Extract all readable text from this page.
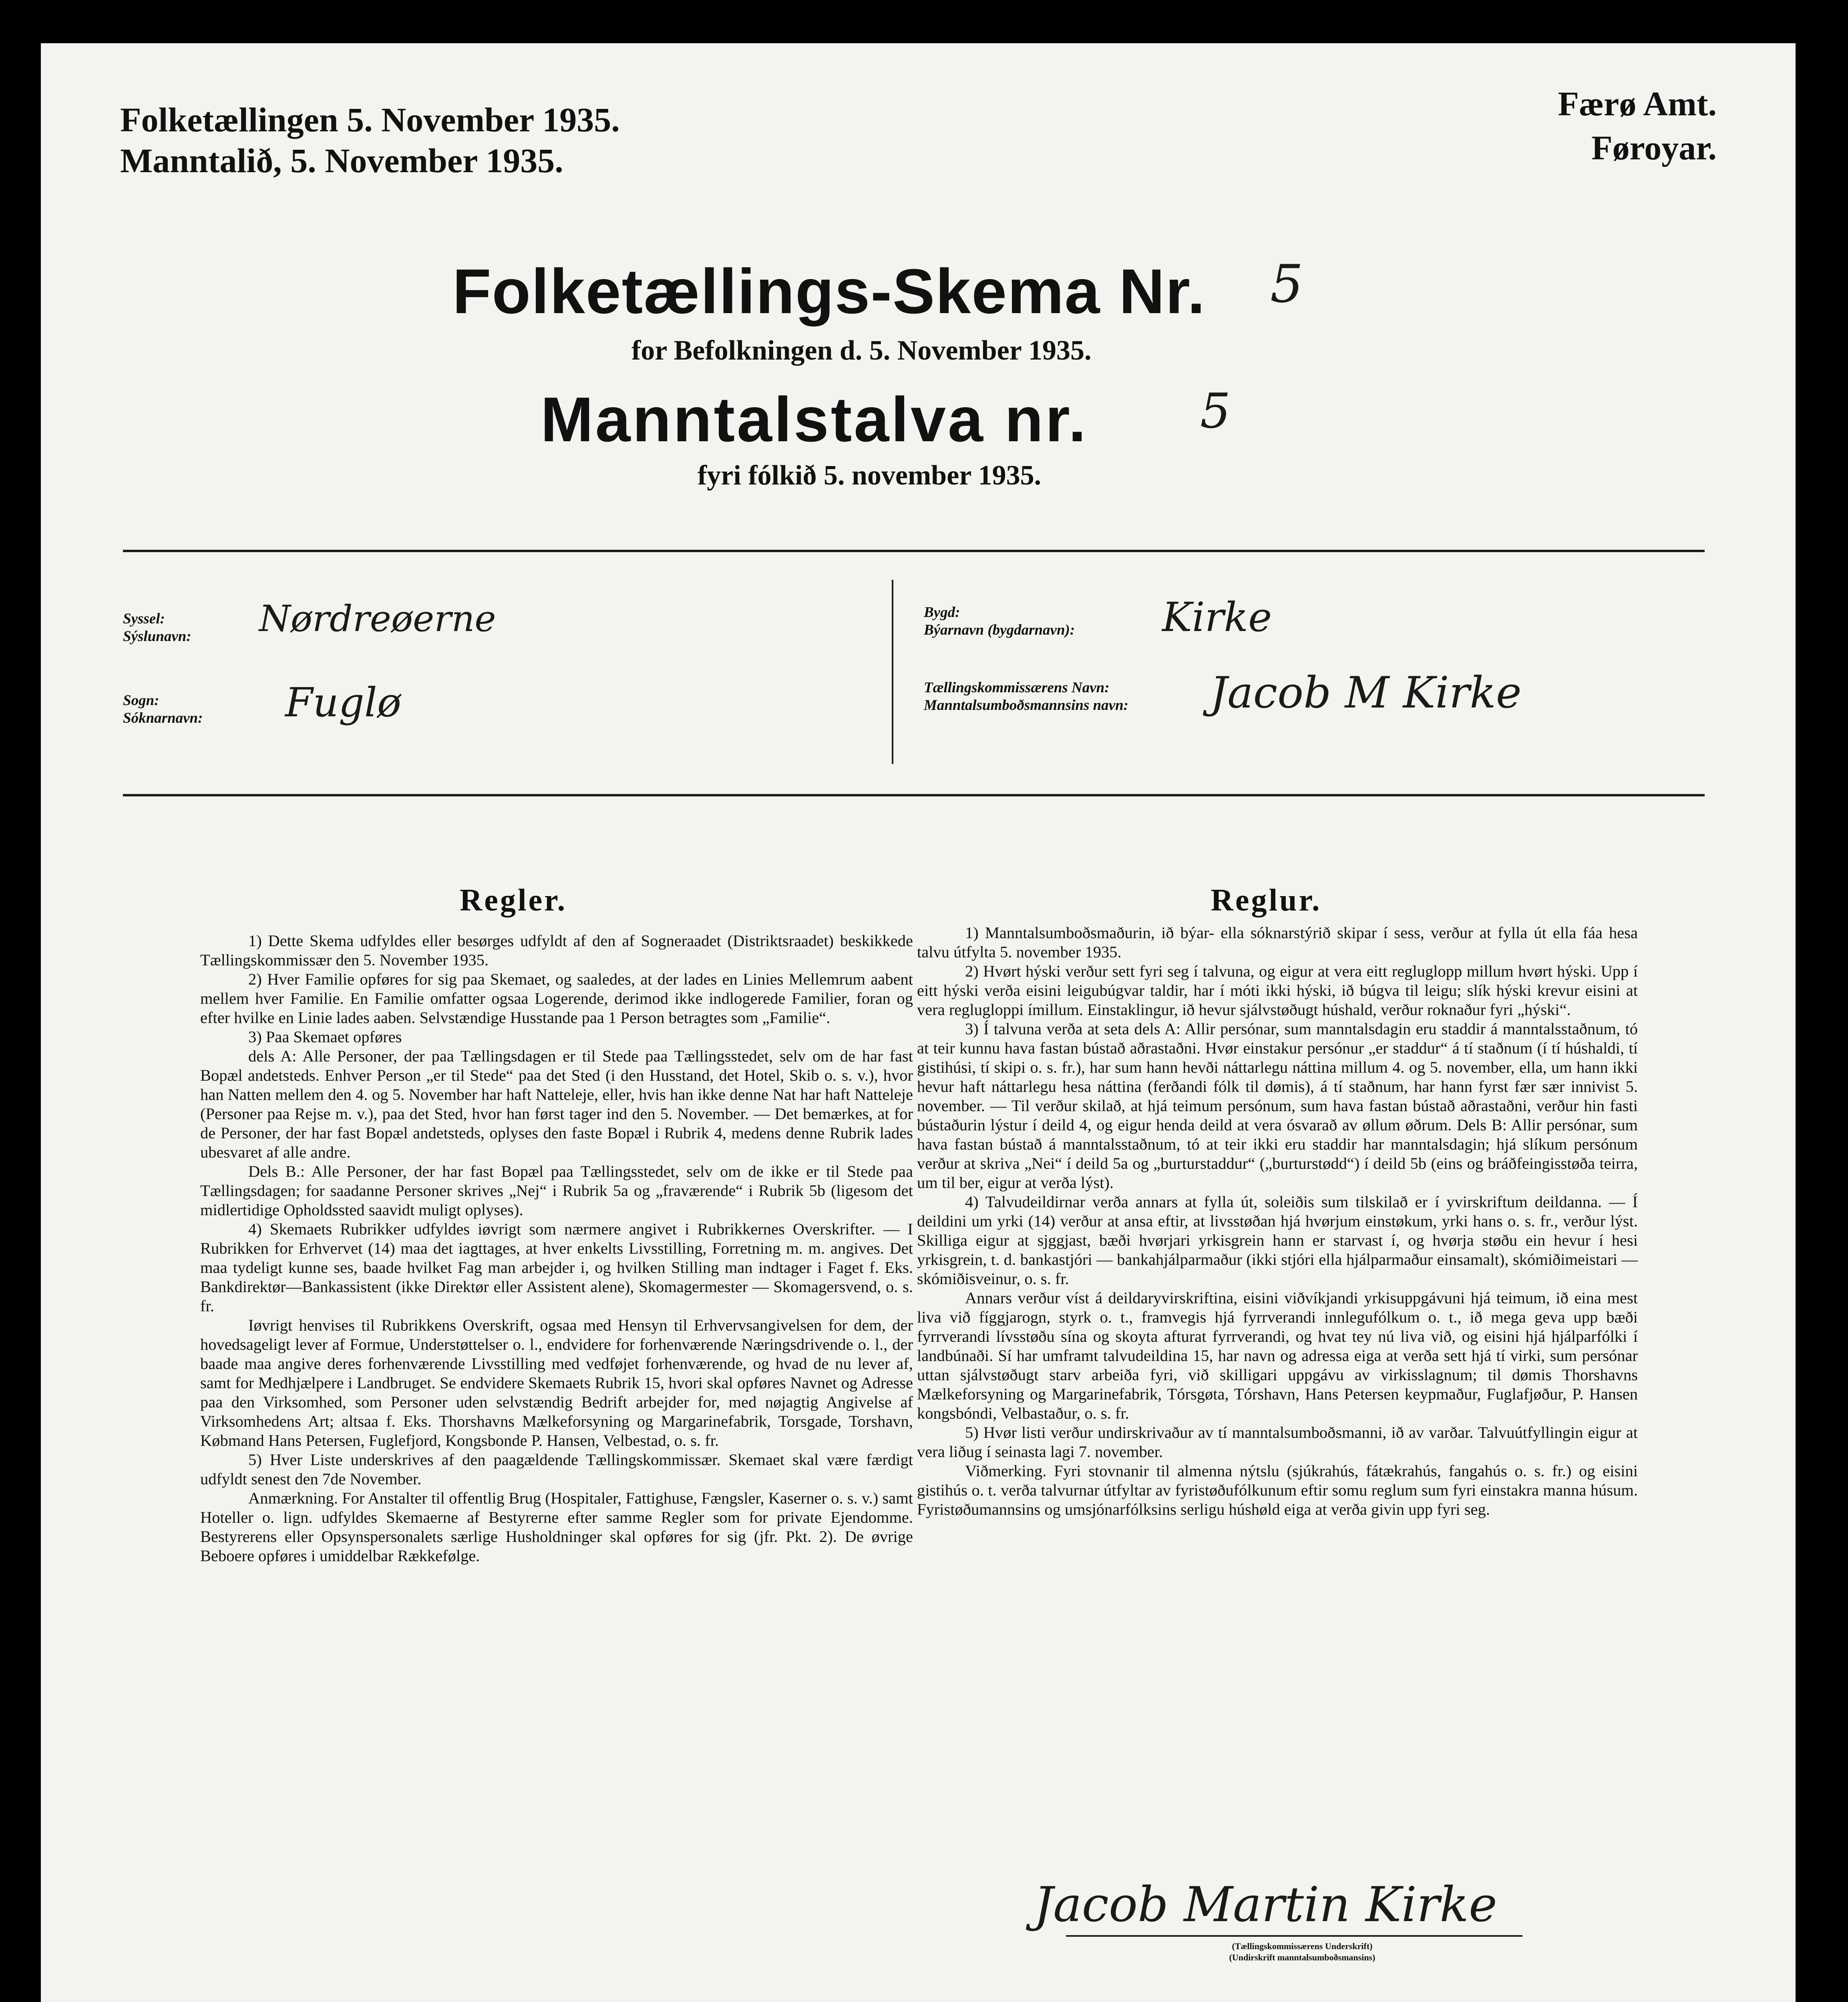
Folketællingen 5. November 1935.
Manntalið, 5. November 1935.
Færø Amt.
Føroyar.
Folketællings-Skema Nr. 5
for Befolkningen d. 5. November 1935.
Manntalstalva nr. 5
fyri fólkið 5. november 1935.
Syssel:
Sýslunavn: Nørdreøerne
Sogn:
Sóknarnavn: Fuglø
Bygd:
Býarnavn (bygdarnavn): Kirke
Tællingskommissærens Navn:
Manntalsumboðsmannsins navn: Jacob M Kirke
Regler.

1) Dette Skema udfyldes eller besørges udfyldt af den af Sogneraadet (Distriktsraadet) beskikkede Tællingskommissær den 5. November 1935.

2) Hver Familie opføres for sig paa Skemaet, og saaledes, at der lades en Linies Mellemrum aabent mellem hver Familie. En Familie omfatter ogsaa Logerende, derimod ikke indlogerede Familier, foran og efter hvilke en Linie lades aaben. Selvstændige Husstande paa 1 Person betragtes som „Familie“.

3) Paa Skemaet opføres

dels A: Alle Personer, der paa Tællingsdagen er til Stede paa Tællingsstedet, selv om de har fast Bopæl andetsteds. Enhver Person „er til Stede“ paa det Sted (i den Husstand, det Hotel, Skib o. s. v.), hvor han Natten mellem den 4. og 5. November har haft Natteleje, eller, hvis han ikke denne Nat har haft Natteleje (Personer paa Rejse m. v.), paa det Sted, hvor han først tager ind den 5. November. — Det bemærkes, at for de Personer, der har fast Bopæl andetsteds, oplyses den faste Bopæl i Rubrik 4, medens denne Rubrik lades ubesvaret af alle andre.

Dels B.: Alle Personer, der har fast Bopæl paa Tællingsstedet, selv om de ikke er til Stede paa Tællingsdagen; for saadanne Personer skrives „Nej“ i Rubrik 5a og „fraværende“ i Rubrik 5b (ligesom det midlertidige Opholdssted saavidt muligt oplyses).

4) Skemaets Rubrikker udfyldes iøvrigt som nærmere angivet i Rubrikkernes Overskrifter. — I Rubrikken for Erhvervet (14) maa det iagttages, at hver enkelts Livsstilling, Forretning m. m. angives. Det maa tydeligt kunne ses, baade hvilket Fag man arbejder i, og hvilken Stilling man indtager i Faget f. Eks. Bankdirektør—Bankassistent (ikke Direktør eller Assistent alene), Skomagermester — Skomagersvend, o. s. fr.

Iøvrigt henvises til Rubrikkens Overskrift, ogsaa med Hensyn til Erhvervsangivelsen for dem, der hovedsageligt lever af Formue, Understøttelser o. l., endvidere for forhenværende Næringsdrivende o. l., der baade maa angive deres forhenværende Livsstilling med vedføjet forhenværende, og hvad de nu lever af, samt for Medhjælpere i Landbruget. Se endvidere Skemaets Rubrik 15, hvori skal opføres Navnet og Adresse paa den Virksomhed, som Personer uden selvstændig Bedrift arbejder for, med nøjagtig Angivelse af Virksomhedens Art; altsaa f. Eks. Thorshavns Mælkeforsyning og Margarinefabrik, Torsgade, Torshavn, Købmand Hans Petersen, Fuglefjord, Kongsbonde P. Hansen, Velbestad, o. s. fr.

5) Hver Liste underskrives af den paagældende Tællingskommissær. Skemaet skal være færdigt udfyldt senest den 7de November.

Anmærkning. For Anstalter til offentlig Brug (Hospitaler, Fattighuse, Fængsler, Kaserner o. s. v.) samt Hoteller o. lign. udfyldes Skemaerne af Bestyrerne efter samme Regler som for private Ejendomme. Bestyrerens eller Opsynspersonalets særlige Husholdninger skal opføres for sig (jfr. Pkt. 2). De øvrige Beboere opføres i umiddelbar Rækkefølge.

Reglur.

1) Manntalsumboðsmaðurin, ið býar- ella sóknarstýrið skipar í sess, verður at fylla út ella fáa hesa talvu útfylta 5. november 1935.

2) Hvørt hýski verður sett fyri seg í talvuna, og eigur at vera eitt regluglopp millum hvørt hýski. Upp í eitt hýski verða eisini leigubúgvar taldir, har í móti ikki hýski, ið búgva til leigu; slík hýski krevur eisini at vera reglugloppi ímillum. Einstaklingur, ið hevur sjálvstøðugt húshald, verður roknaður fyri „hýski“.

3) Í talvuna verða at seta dels A: Allir persónar, sum manntalsdagin eru staddir á manntalsstaðnum, tó at teir kunnu hava fastan bústað aðrastaðni. Hvør einstakur persónur „er staddur“ á tí staðnum (í tí húshaldi, tí gistihúsi, tí skipi o. s. fr.), har sum hann hevði náttarlegu náttina millum 4. og 5. november, ella, um hann ikki hevur haft náttarlegu hesa náttina (ferðandi fólk til dømis), á tí staðnum, har hann fyrst fær sær innivist 5. november. — Til verður skilað, at hjá teimum persónum, sum hava fastan bústað aðrastaðni, verður hin fasti bústaðurin lýstur í deild 4, og eigur henda deild at vera ósvarað av øllum øðrum. Dels B: Allir persónar, sum hava fastan bústað á manntalsstaðnum, tó at teir ikki eru staddir har manntalsdagin; hjá slíkum persónum verður at skriva „Nei“ í deild 5a og „burturstaddur“ („burturstødd“) í deild 5b (eins og bráðfeingisstøða teirra, um til ber, eigur at verða lýst).

4) Talvudeildirnar verða annars at fylla út, soleiðis sum tilskilað er í yvirskriftum deildanna. — Í deildini um yrki (14) verður at ansa eftir, at livsstøðan hjá hvørjum einstøkum, yrki hans o. s. fr., verður lýst. Skilliga eigur at sjggjast, bæði hvørjari yrkisgrein hann er starvast í, og hvørja støðu ein hevur í hesi yrkisgrein, t. d. bankastjóri — bankahjálparmaður (ikki stjóri ella hjálparmaður einsamalt), skómiðimeistari — skómiðisveinur, o. s. fr.

Annars verður víst á deildaryvirskriftina, eisini viðvíkjandi yrkisuppgávuni hjá teimum, ið eina mest liva við fíggjarogn, styrk o. t., framvegis hjá fyrrverandi innlegufólkum o. t., ið mega geva upp bæði fyrrverandi lívsstøðu sína og skoyta afturat fyrrverandi, og hvat tey nú liva við, og eisini hjá hjálparfólki í landbúnaði. Sí har umframt talvudeildina 15, har navn og adressa eiga at verða sett hjá tí virki, sum persónar uttan sjálvstøðugt starv arbeiða fyri, við skilligari uppgávu av virkisslagnum; til dømis Thorshavns Mælkeforsyning og Margarinefabrik, Tórsgøta, Tórshavn, Hans Petersen keypmaður, Fuglafjøður, P. Hansen kongsbóndi, Velbastaður, o. s. fr.

5) Hvør listi verður undirskrivaður av tí manntalsumboðsmanni, ið av varðar. Talvuútfyllingin eigur at vera liðug í seinasta lagi 7. november.

Viðmerking. Fyri stovnanir til almenna nýtslu (sjúkrahús, fátækrahús, fangahús o. s. fr.) og eisini gistihús o. t. verða talvurnar útfyltar av fyristøðufólkunum eftir somu reglum sum fyri einstakra manna húsum. Fyristøðumannsins og umsjónarfólksins serligu húshøld eiga at verða givin upp fyri seg.

Jacob Martin Kirke
(Tællingskommissærens Underskrift)
(Undirskrift manntalsumboðsmansins)
